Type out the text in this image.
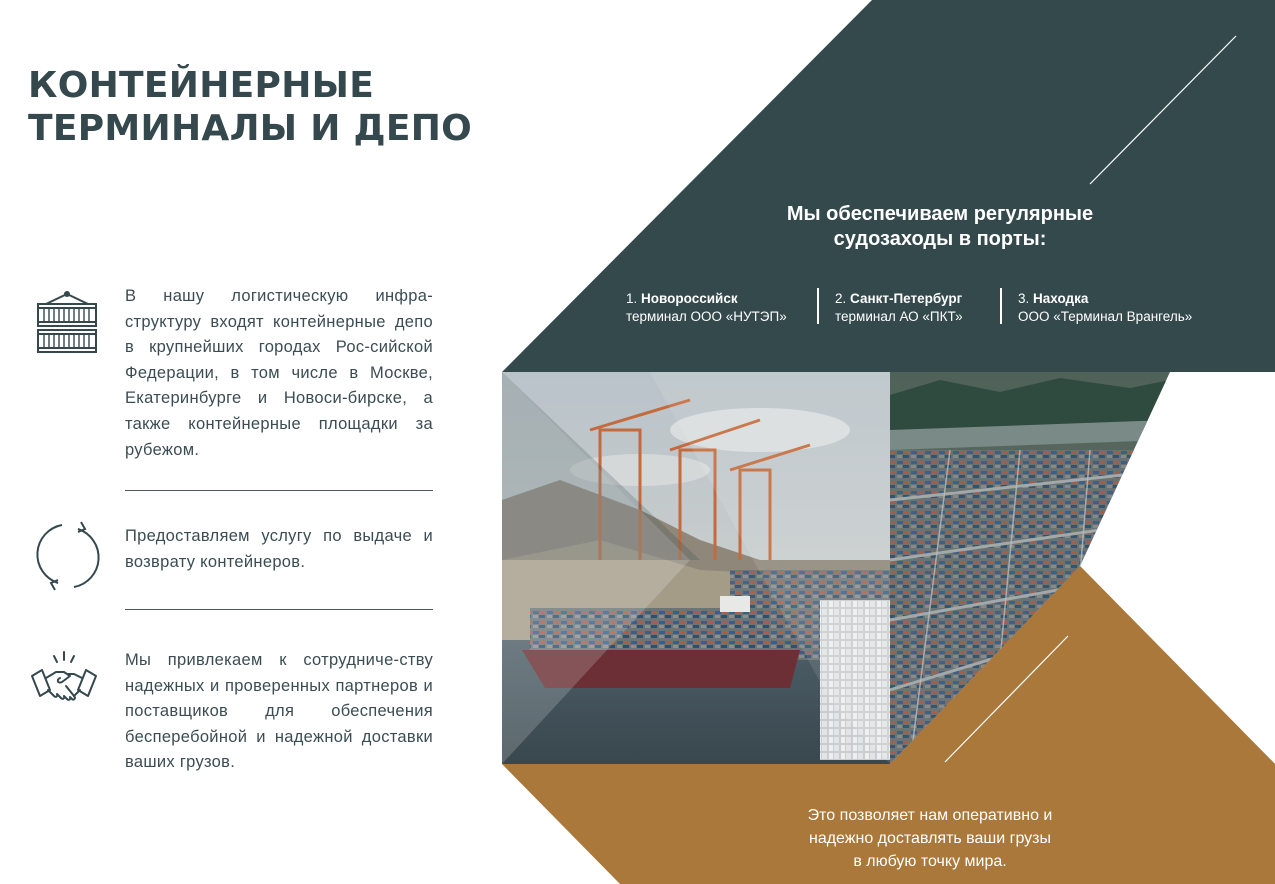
КОНТЕЙНЕРНЫЕ
ТЕРМИНАЛЫ И ДЕПО

В нашу логистическую инфра-структуру входят контейнерные депо в крупнейших городах Рос-сийской Федерации, в том числе в Москве, Екатеринбурге и Новоси-бирске, а также контейнерные площадки за рубежом.

Предоставляем услугу по выдаче и возврату контейнеров.

Мы привлекаем к сотрудниче-ству надежных и проверенных партнеров и поставщиков для обеспечения бесперебойной и надежной доставки ваших грузов.

Мы обеспечиваем регулярные
судозаходы в порты:
1. Новороссийск
терминал ООО «НУТЭП»
2. Санкт-Петербург
терминал АО «ПКТ»
3. Находка
ООО «Терминал Врангель»

Это позволяет нам оперативно и
надежно доставлять ваши грузы
в любую точку мира.
